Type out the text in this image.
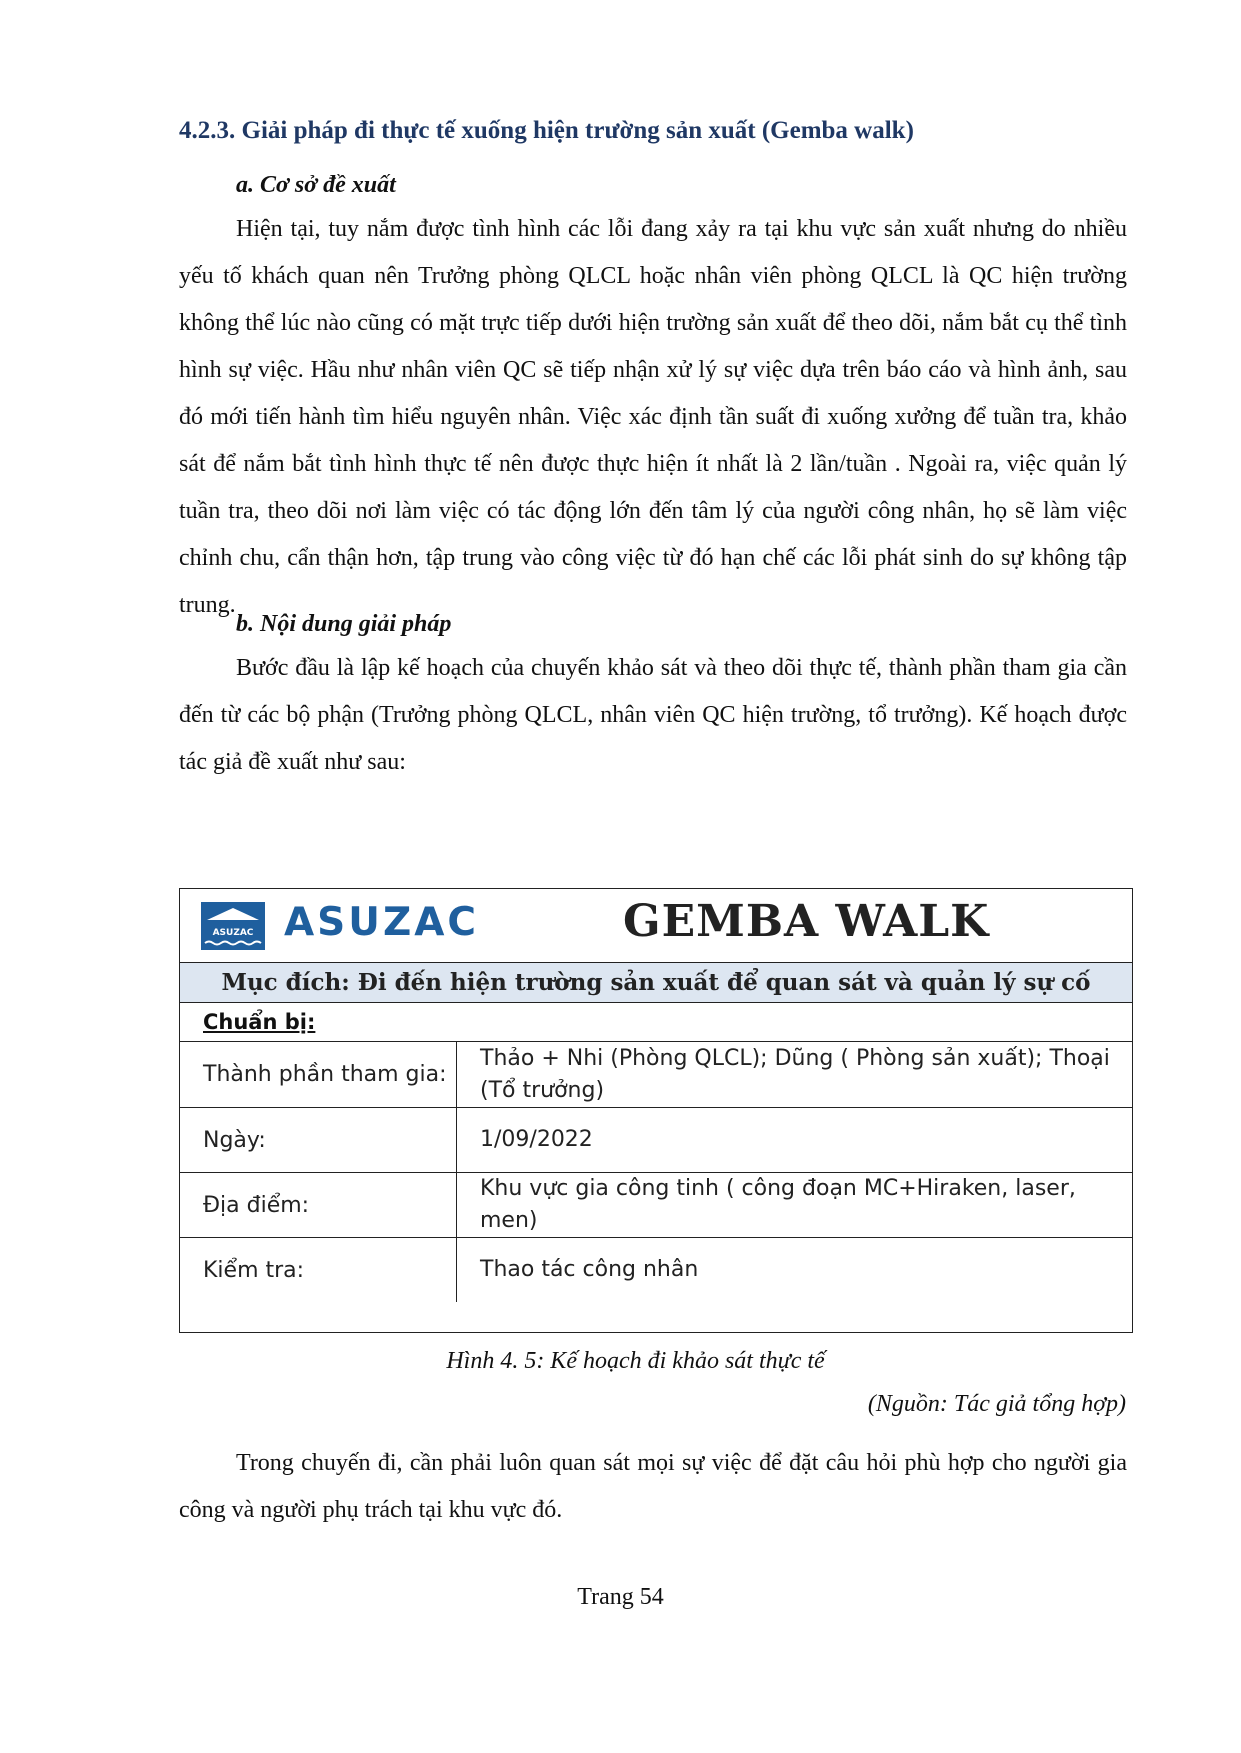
4.2.3. Giải pháp đi thực tế xuống hiện trường sản xuất (Gemba walk)
a. Cơ sở đề xuất

Hiện tại, tuy nắm được tình hình các lỗi đang xảy ra tại khu vực sản xuất nhưng do nhiều yếu tố khách quan nên Trưởng phòng QLCL hoặc nhân viên phòng QLCL là QC hiện trường không thể lúc nào cũng có mặt trực tiếp dưới hiện trường sản xuất để theo dõi, nắm bắt cụ thể tình hình sự việc. Hầu như nhân viên QC sẽ tiếp nhận xử lý sự việc dựa trên báo cáo và hình ảnh, sau đó mới tiến hành tìm hiểu nguyên nhân. Việc xác định tần suất đi xuống xưởng để tuần tra, khảo sát để nắm bắt tình hình thực tế nên được thực hiện ít nhất là 2 lần/tuần . Ngoài ra, việc quản lý tuần tra, theo dõi nơi làm việc có tác động lớn đến tâm lý của người công nhân, họ sẽ làm việc chỉnh chu, cẩn thận hơn, tập trung vào công việc từ đó hạn chế các lỗi phát sinh do sự không tập trung.

b. Nội dung giải pháp

Bước đầu là lập kế hoạch của chuyến khảo sát và theo dõi thực tế, thành phần tham gia cần đến từ các bộ phận (Trưởng phòng QLCL, nhân viên QC hiện trường, tổ trưởng). Kế hoạch được tác giả đề xuất như sau:

ASUZAC ASUZAC	GEMBA WALK
Mục đích: Đi đến hiện trường sản xuất để quan sát và quản lý sự cố
Chuẩn bị:
Thành phần tham gia:
Thảo + Nhi (Phòng QLCL); Dũng ( Phòng sản xuất); Thoại (Tổ trưởng)
Ngày:	1/09/2022
Địa điểm:
Khu vực gia công tinh ( công đoạn MC+Hiraken, laser, men)
Kiểm tra:	Thao tác công nhân
Hình 4. 5: Kế hoạch đi khảo sát thực tế
(Nguồn: Tác giả tổng hợp)

Trong chuyến đi, cần phải luôn quan sát mọi sự việc để đặt câu hỏi phù hợp cho người gia công và người phụ trách tại khu vực đó.

Trang 54
